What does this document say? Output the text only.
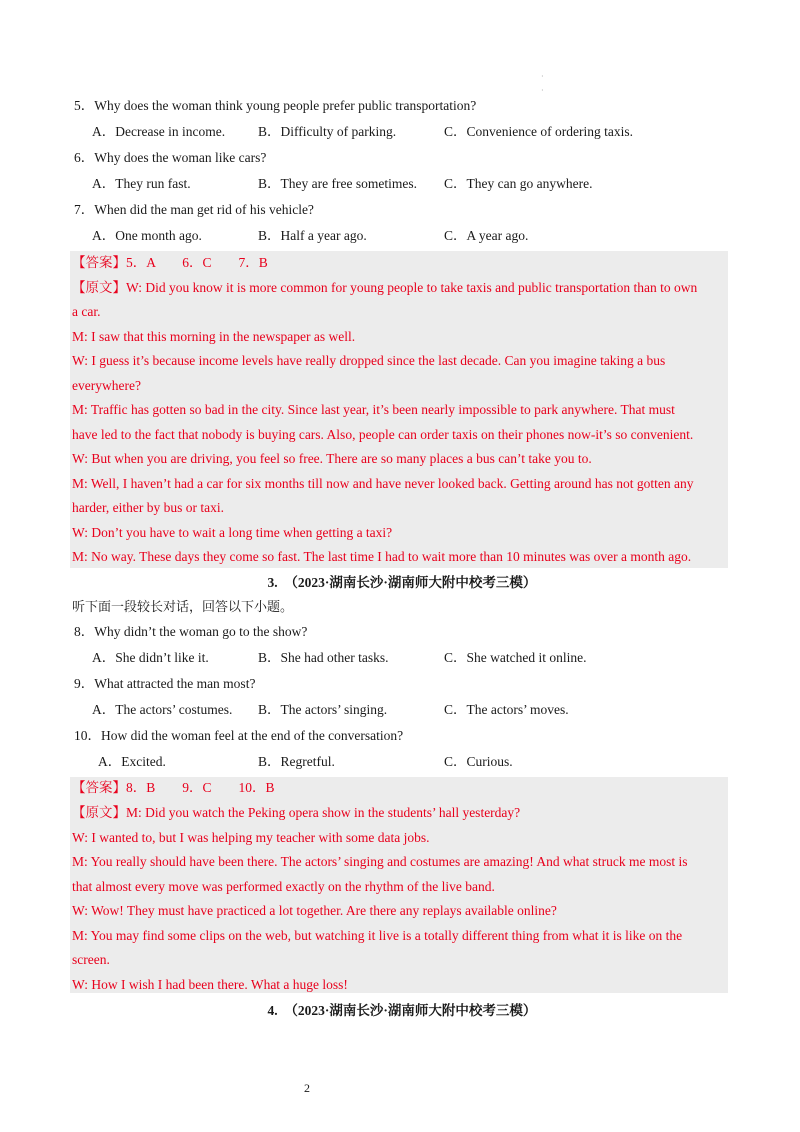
·
·
5．Why does the woman think young people prefer public transportation?
A．Decrease in income. B．Difficulty of parking.	C．Convenience of ordering taxis.
6．Why does the woman like cars?
A．They run fast.	B．They are free sometimes. C．They can go anywhere.
7．When did the man get rid of his vehicle?
A．One month ago.	B．Half a year ago.	C．A year ago.
【答案】5．A　　6．C　　7．B
【原文】W: Did you know it is more common for young people to take taxis and public transportation than to own
a car.
M: I saw that this morning in the newspaper as well.
W: I guess it’s because income levels have really dropped since the last decade. Can you imagine taking a bus
everywhere?
M: Traffic has gotten so bad in the city. Since last year, it’s been nearly impossible to park anywhere. That must
have led to the fact that nobody is buying cars. Also, people can order taxis on their phones now-it’s so convenient.
W: But when you are driving, you feel so free. There are so many places a bus can’t take you to.
M: Well, I haven’t had a car for six months till now and have never looked back. Getting around has not gotten any
harder, either by bus or taxi.
W: Don’t you have to wait a long time when getting a taxi?
M: No way. These days they come so fast. The last time I had to wait more than 10 minutes was over a month ago.
3.　（2023·湖南长沙·湖南师大附中校考三模）
听下面一段较长对话，回答以下小题。
8．Why didn’t the woman go to the show?
A．She didn’t like it.	B．She had other tasks.	C．She watched it online.
9．What attracted the man most?
A．The actors’ costumes. B．The actors’ singing.	C．The actors’ moves.
10．How did the woman feel at the end of the conversation?
A．Excited.	B．Regretful.	C．Curious.
【答案】8．B　　9．C　　10．B
【原文】M: Did you watch the Peking opera show in the students’ hall yesterday?
W: I wanted to, but I was helping my teacher with some data jobs.
M: You really should have been there. The actors’ singing and costumes are amazing! And what struck me most is
that almost every move was performed exactly on the rhythm of the live band.
W: Wow! They must have practiced a lot together. Are there any replays available online?
M: You may find some clips on the web, but watching it live is a totally different thing from what it is like on the
screen.
W: How I wish I had been there. What a huge loss!
4.　（2023·湖南长沙·湖南师大附中校考三模）
2
